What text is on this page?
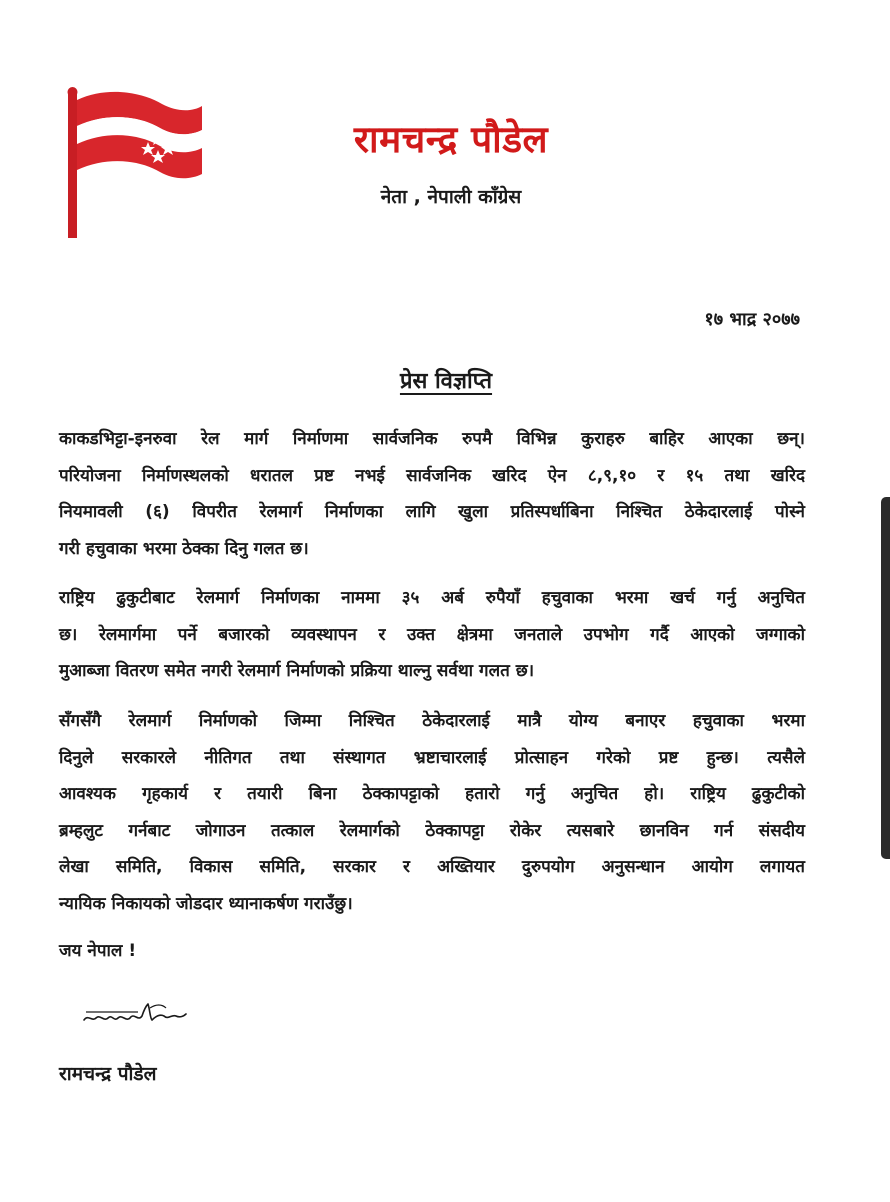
रामचन्द्र पौडेल
नेता , नेपाली काँग्रेस
१७ भाद्र २०७७
प्रेस विज्ञप्ति
काकडभिट्टा-इनरुवा रेल मार्ग निर्माणमा सार्वजनिक रुपमै विभिन्न कुराहरु बाहिर आएका छन्।
परियोजना निर्माणस्थलको धरातल प्रष्ट नभई सार्वजनिक खरिद ऐन ८,९,१० र १५ तथा खरिद
नियमावली (६) विपरीत रेलमार्ग निर्माणका लागि खुला प्रतिस्पर्धाबिना निश्चित ठेकेदारलाई पोस्ने
गरी हचुवाका भरमा ठेक्का दिनु गलत छ।
राष्ट्रिय ढुकुटीबाट रेलमार्ग निर्माणका नाममा ३५ अर्ब रुपैयाँ हचुवाका भरमा खर्च गर्नु अनुचित
छ। रेलमार्गमा पर्ने बजारको व्यवस्थापन र उक्त क्षेत्रमा जनताले उपभोग गर्दै आएको जग्गाको
मुआब्जा वितरण समेत नगरी रेलमार्ग निर्माणको प्रक्रिया थाल्नु सर्वथा गलत छ।
सँगसँगै रेलमार्ग निर्माणको जिम्मा निश्चित ठेकेदारलाई मात्रै योग्य बनाएर हचुवाका भरमा
दिनुले सरकारले नीतिगत तथा संस्थागत भ्रष्टाचारलाई प्रोत्साहन गरेको प्रष्ट हुन्छ। त्यसैले
आवश्यक गृहकार्य र तयारी बिना ठेक्कापट्टाको हतारो गर्नु अनुचित हो। राष्ट्रिय ढुकुटीको
ब्रम्हलुट गर्नबाट जोगाउन तत्काल रेलमार्गको ठेक्कापट्टा रोकेर त्यसबारे छानविन गर्न संसदीय
लेखा समिति, विकास समिति, सरकार र अख्तियार दुरुपयोग अनुसन्धान आयोग लगायत
न्यायिक निकायको जोडदार ध्यानाकर्षण गराउँछु।
जय नेपाल !
रामचन्द्र पौडेल
